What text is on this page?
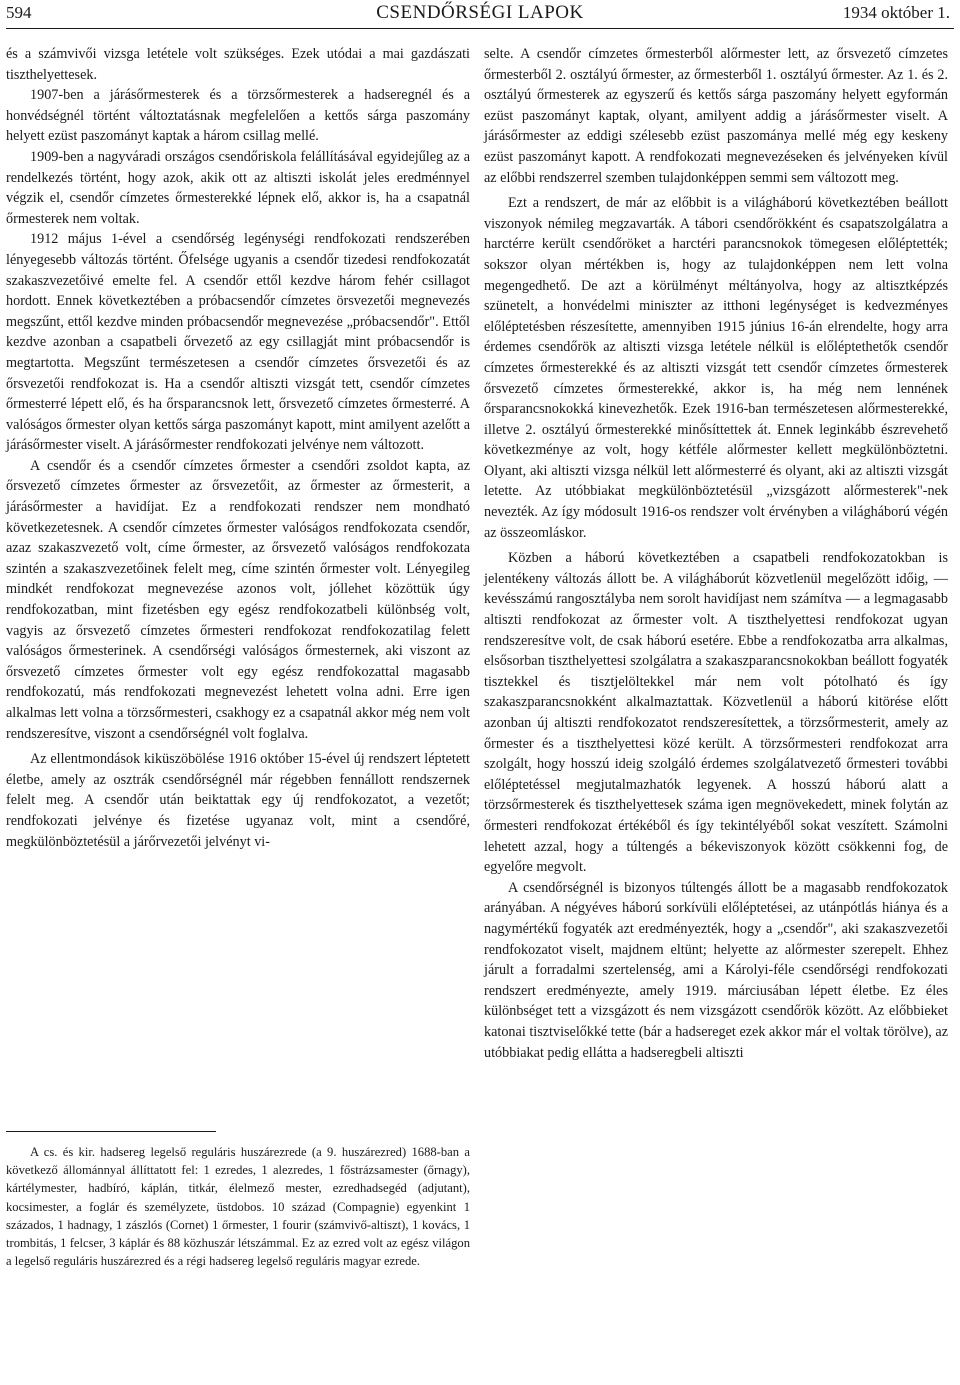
594	CSENDŐRSÉGI LAPOK	1934 október 1.

és a számvivői vizsga letétele volt szükséges. Ezek utódai a mai gazdászati tiszthelyettesek.

1907-ben a járásőrmesterek és a törzsőrmesterek a hadseregnél és a honvédségnél történt változtatásnak megfelelően a kettős sárga paszomány helyett ezüst paszományt kaptak a három csillag mellé.

1909-ben a nagyváradi országos csendőriskola felállításával egyidejűleg az a rendelkezés történt, hogy azok, akik ott az altiszti iskolát jeles eredménnyel végzik el, csendőr címzetes őrmesterekké lépnek elő, akkor is, ha a csapatnál őrmesterek nem voltak.

1912 május 1-ével a csendőrség legénységi rendfokozati rendszerében lényegesebb változás történt. Őfelsége ugyanis a csendőr tizedesi rendfokozatát szakaszvezetőivé emelte fel. A csendőr ettől kezdve három fehér csillagot hordott. Ennek következtében a próbacsendőr címzetes örsvezetői megnevezés megszűnt, ettől kezdve minden próbacsendőr megnevezése „próbacsendőr". Ettől kezdve azonban a csapatbeli őrvezető az egy csillagját mint próbacsendőr is megtartotta. Megszűnt természetesen a csendőr címzetes őrsvezetői és az őrsvezetői rendfokozat is. Ha a csendőr altiszti vizsgát tett, csendőr címzetes őrmesterré lépett elő, és ha őrsparancsnok lett, őrsvezető címzetes őrmesterré. A valóságos őrmester olyan kettős sárga paszományt kapott, mint amilyent azelőtt a járásőrmester viselt. A járásőrmester rendfokozati jelvénye nem változott.

A csendőr és a csendőr címzetes őrmester a csendőri zsoldot kapta, az őrsvezető címzetes őrmester az őrsvezetőit, az őrmester az őrmesterit, a járásőrmester a havidíjat. Ez a rendfokozati rendszer nem mondható következetesnek. A csendőr címzetes őrmester valóságos rendfokozata csendőr, azaz szakaszvezető volt, címe őrmester, az őrsvezető valóságos rendfokozata szintén a szakaszvezetőinek felelt meg, címe szintén őrmester volt. Lényegileg mindkét rendfokozat megnevezése azonos volt, jóllehet közöttük úgy rendfokozatban, mint fizetésben egy egész rendfokozatbeli különbség volt, vagyis az őrsvezető címzetes őrmesteri rendfokozat rendfokozatilag felett valóságos őrmesterinek. A csendőrségi valóságos őrmesternek, aki viszont az őrsvezető címzetes őrmester volt egy egész rendfokozattal magasabb rendfokozatú, más rendfokozati megnevezést lehetett volna adni. Erre igen alkalmas lett volna a törzsőrmesteri, csakhogy ez a csapatnál akkor még nem volt rendszeresítve, viszont a csendőrségnél volt foglalva.

Az ellentmondások kiküszöbölése 1916 október 15-ével új rendszert léptetett életbe, amely az osztrák csendőrségnél már régebben fennállott rendszernek felelt meg. A csendőr után beiktattak egy új rendfokozatot, a vezetőt; rendfokozati jelvénye és fizetése ugyanaz volt, mint a csendőré, megkülönböztetésül a járőrvezetői jelvényt vi-

selte. A csendőr címzetes őrmesterből alőrmester lett, az őrsvezető címzetes őrmesterből 2. osztályú őrmester, az őrmesterből 1. osztályú őrmester. Az 1. és 2. osztályú őrmesterek az egyszerű és kettős sárga paszomány helyett egyformán ezüst paszományt kaptak, olyant, amilyent addig a járásőrmester viselt. A járásőrmester az eddigi szélesebb ezüst paszománya mellé még egy keskeny ezüst paszományt kapott. A rendfokozati megnevezéseken és jelvényeken kívül az előbbi rendszerrel szemben tulajdonképpen semmi sem változott meg.

Ezt a rendszert, de már az előbbit is a világháború következtében beállott viszonyok némileg megzavarták. A tábori csendőrökként és csapatszolgálatra a harctérre került csendőröket a harctéri parancsnokok tömegesen előléptették; sokszor olyan mértékben is, hogy az tulajdonképpen nem lett volna megengedhető. De azt a körülményt méltányolva, hogy az altisztképzés szünetelt, a honvédelmi miniszter az itthoni legénységet is kedvezményes előléptetésben részesítette, amennyiben 1915 június 16-án elrendelte, hogy arra érdemes csendőrök az altiszti vizsga letétele nélkül is előléptethetők csendőr címzetes őrmesterekké és az altiszti vizsgát tett csendőr címzetes őrmesterek őrsvezető címzetes őrmesterekké, akkor is, ha még nem lennének őrsparancsnokokká kinevezhetők. Ezek 1916-ban természetesen alőrmesterekké, illetve 2. osztályú őrmesterekké minősíttettek át. Ennek leginkább észrevehető következménye az volt, hogy kétféle alőrmester kellett megkülönböztetni. Olyant, aki altiszti vizsga nélkül lett alőrmesterré és olyant, aki az altiszti vizsgát letette. Az utóbbiakat megkülönböztetésül „vizsgázott alőrmesterek"-nek nevezték. Az így módosult 1916-os rendszer volt érvényben a világháború végén az összeomláskor.

Közben a háború következtében a csapatbeli rendfokozatokban is jelentékeny változás állott be. A világháborút közvetlenül megelőzött időig, — kevésszámú rangosztályba nem sorolt havidíjast nem számítva — a legmagasabb altiszti rendfokozat az őrmester volt. A tiszthelyettesi rendfokozat ugyan rendszeresítve volt, de csak háború esetére. Ebbe a rendfokozatba arra alkalmas, elsősorban tiszthelyettesi szolgálatra a szakaszparancsnokokban beállott fogyaték tisztekkel és tisztjelöltekkel már nem volt pótolható és így szakaszparancsnokként alkalmaztattak. Közvetlenül a háború kitörése előtt azonban új altiszti rendfokozatot rendszeresítettek, a törzsőrmesterit, amely az őrmester és a tiszthelyettesi közé került. A törzsőrmesteri rendfokozat arra szolgált, hogy hosszú ideig szolgáló érdemes szolgálatvezető őrmesteri további előléptetéssel megjutalmazhatók legyenek. A hosszú háború alatt a törzsőrmesterek és tiszthelyettesek száma igen megnövekedett, minek folytán az őrmesteri rendfokozat értékéből és így tekintélyéből sokat veszített. Számolni lehetett azzal, hogy a túltengés a békeviszonyok között csökkenni fog, de egyelőre megvolt.

A csendőrségnél is bizonyos túltengés állott be a magasabb rendfokozatok arányában. A négyéves háború sorkívüli előléptetései, az utánpótlás hiánya és a nagymértékű fogyaték azt eredményezték, hogy a „csendőr", aki szakaszvezetői rendfokozatot viselt, majdnem eltünt; helyette az alőrmester szerepelt. Ehhez járult a forradalmi szertelenség, ami a Károlyi-féle csendőrségi rendfokozati rendszert eredményezte, amely 1919. márciusában lépett életbe. Ez éles különbséget tett a vizsgázott és nem vizsgázott csendőrök között. Az előbbieket katonai tisztviselőkké tette (bár a hadsereget ezek akkor már el voltak törölve), az utóbbiakat pedig ellátta a hadseregbeli altiszti

A cs. és kir. hadsereg legelső reguláris huszárezrede (a 9. huszárezred) 1688-ban a következő állománnyal állíttatott fel: 1 ezredes, 1 alezredes, 1 főstrázsamester (őrnagy), kártélymester, hadbíró, káplán, titkár, élelmező mester, ezredhadsegéd (adjutant), kocsimester, a foglár és személyzete, üstdobos. 10 század (Compagnie) egyenkint 1 százados, 1 hadnagy, 1 zászlós (Cornet) 1 őrmester, 1 fourir (számvivő-altiszt), 1 kovács, 1 trombitás, 1 felcser, 3 káplár és 88 közhuszár létszámmal. Ez az ezred volt az egész világon a legelső reguláris huszárezred és a régi hadsereg legelső reguláris magyar ezrede.
